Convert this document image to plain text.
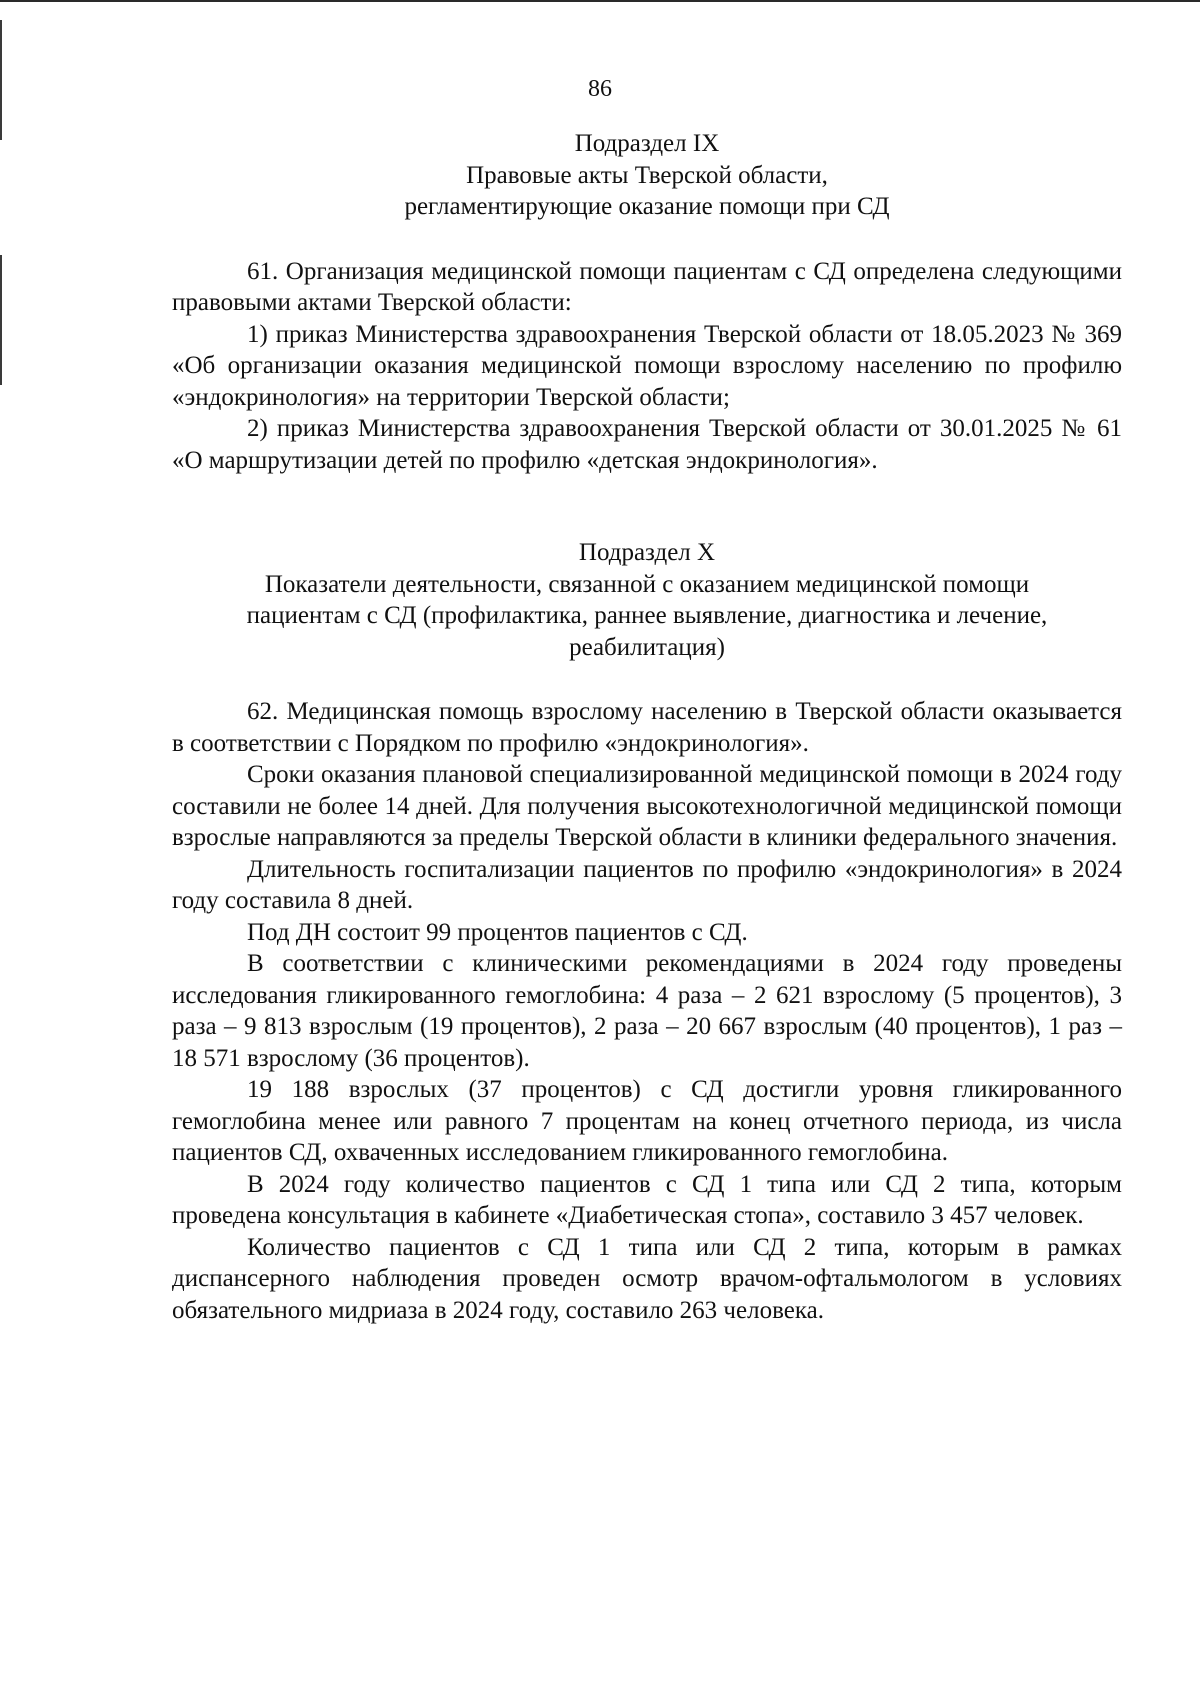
86
Подраздел IX
Правовые акты Тверской области,
регламентирующие оказание помощи при СД

61. Организация медицинской помощи пациентам с СД определена следующими правовыми актами Тверской области:

1) приказ Министерства здравоохранения Тверской области от 18.05.2023 № 369 «Об организации оказания медицинской помощи взрослому населению по профилю «эндокринология» на территории Тверской области;

2) приказ Министерства здравоохранения Тверской области от 30.01.2025 № 61 «О маршрутизации детей по профилю «детская эндокринология».

Подраздел X
Показатели деятельности, связанной с оказанием медицинской помощи
пациентам с СД (профилактика, раннее выявление, диагностика и лечение,
реабилитация)

62. Медицинская помощь взрослому населению в Тверской области оказывается в соответствии с Порядком по профилю «эндокринология».

Сроки оказания плановой специализированной медицинской помощи в 2024 году составили не более 14 дней. Для получения высокотехнологичной медицинской помощи взрослые направляются за пределы Тверской области в клиники федерального значения.

Длительность госпитализации пациентов по профилю «эндокринология» в 2024 году составила 8 дней.

Под ДН состоит 99 процентов пациентов с СД.

В соответствии с клиническими рекомендациями в 2024 году проведены исследования гликированного гемоглобина: 4 раза – 2 621 взрослому (5 процентов), 3 раза – 9 813 взрослым (19 процентов), 2 раза – 20 667 взрослым (40 процентов), 1 раз – 18 571 взрослому (36 процентов).

19 188 взрослых (37 процентов) с СД достигли уровня гликированного гемоглобина менее или равного 7 процентам на конец отчетного периода, из числа пациентов СД, охваченных исследованием гликированного гемоглобина.

В 2024 году количество пациентов с СД 1 типа или СД 2 типа, которым проведена консультация в кабинете «Диабетическая стопа», составило 3 457 человек.

Количество пациентов с СД 1 типа или СД 2 типа, которым в рамках диспансерного наблюдения проведен осмотр врачом-офтальмологом в условиях обязательного мидриаза в 2024 году, составило 263 человека.
